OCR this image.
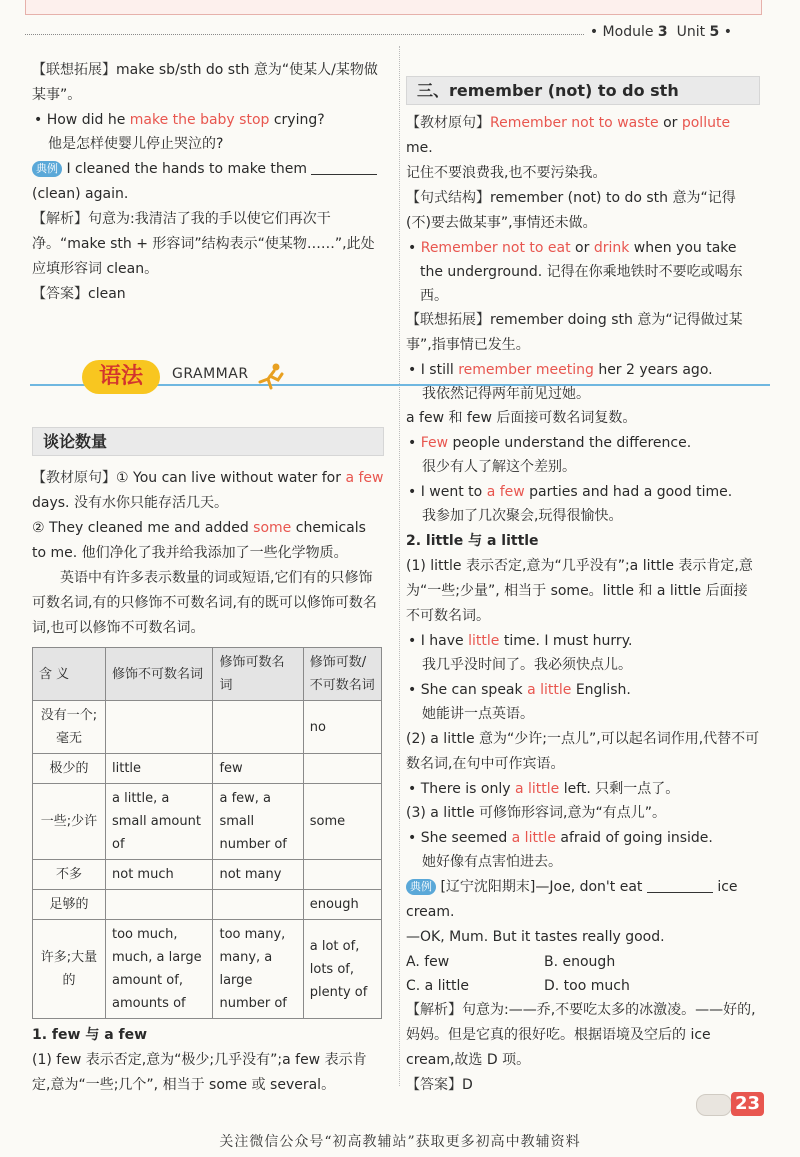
• Module 3 Unit 5 •

【联想拓展】make sb/sth do sth 意为“使某人/某物做某事”。

• How did he make the baby stop crying?

他是怎样使婴儿停止哭泣的?

典例 I cleaned the hands to make them
(clean) again.

【解析】句意为:我清洁了我的手以使它们再次干净。“make sth + 形容词”结构表示“使某物……”,此处应填形容词 clean。

【答案】clean

三、remember (not) to do sth

【教材原句】Remember not to waste or pollute me.

记住不要浪费我,也不要污染我。

【句式结构】remember (not) to do sth 意为“记得(不)要去做某事”,事情还未做。

• Remember not to eat or drink when you take the underground. 记得在你乘地铁时不要吃或喝东西。

【联想拓展】remember doing sth 意为“记得做过某事”,指事情已发生。

• I still remember meeting her 2 years ago.

我依然记得两年前见过她。

语法	GRAMMAR
谈论数量

【教材原句】① You can live without water for a few days. 没有水你只能存活几天。

② They cleaned me and added some chemicals to me. 他们净化了我并给我添加了一些化学物质。

英语中有许多表示数量的词或短语,它们有的只修饰可数名词,有的只修饰不可数名词,有的既可以修饰可数名词,也可以修饰不可数名词。

含 义	修饰不可数名词	修饰可数名词	修饰可数/不可数名词
没有一个;毫无			no
极少的	little	few	
一些;少许	a little, a small amount of	a few, a small number of	some
不多	not much	not many	
足够的			enough
许多;大量的	too much, much, a large amount of, amounts of	too many, many, a large number of	a lot of, lots of, plenty of

1. few 与 a few

(1) few 表示否定,意为“极少;几乎没有”;a few 表示肯定,意为“一些;几个”, 相当于 some 或 several。

a few 和 few 后面接可数名词复数。

• Few people understand the difference.

很少有人了解这个差别。

• I went to a few parties and had a good time.

我参加了几次聚会,玩得很愉快。

2. little 与 a little

(1) little 表示否定,意为“几乎没有”;a little 表示肯定,意为“一些;少量”, 相当于 some。little 和 a little 后面接不可数名词。

• I have little time. I must hurry.

我几乎没时间了。我必须快点儿。

• She can speak a little English.

她能讲一点英语。

(2) a little 意为“少许;一点儿”,可以起名词作用,代替不可数名词,在句中可作宾语。

• There is only a little left. 只剩一点了。

(3) a little 可修饰形容词,意为“有点儿”。

• She seemed a little afraid of going inside.

她好像有点害怕进去。

典例 [辽宁沈阳期末]—Joe, don't eat	ice cream.

—OK, Mum. But it tastes really good.

A. few	B. enough
C. a little	D. too much

【解析】句意为:——乔,不要吃太多的冰激凌。——好的,妈妈。但是它真的很好吃。根据语境及空后的 ice cream,故选 D 项。

【答案】D

23
关注微信公众号“初高教辅站”获取更多初高中教辅资料
